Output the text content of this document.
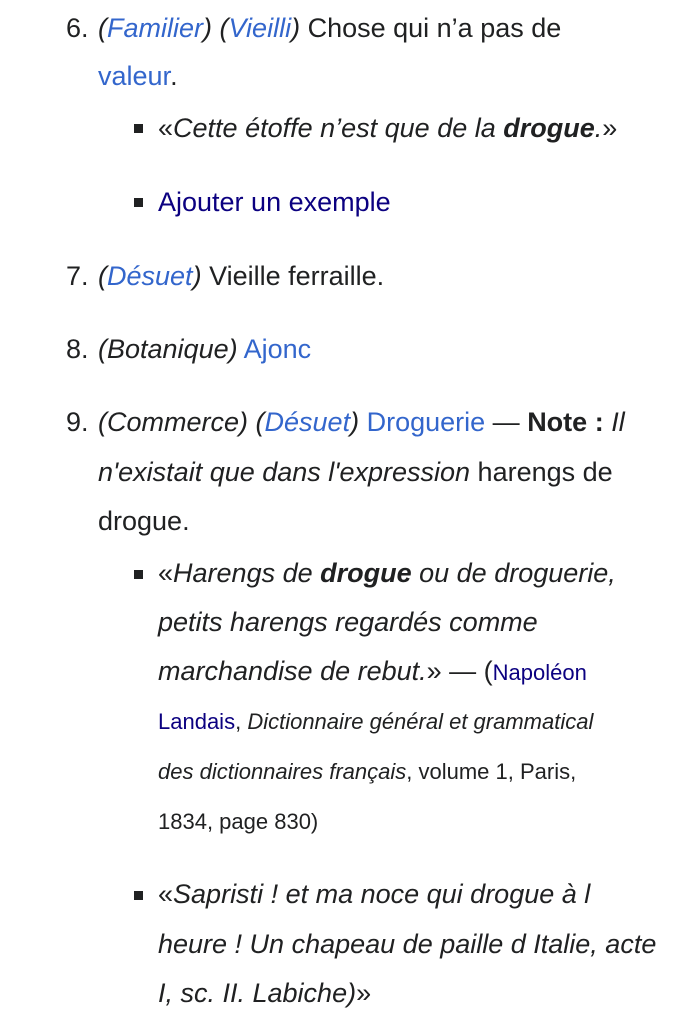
6. (Familier) (Vieilli) Chose qui n’a pas de
valeur.
«Cette étoffe n’est que de la drogue.»
Ajouter un exemple
7. (Désuet) Vieille ferraille.
8. (Botanique) Ajonc
9. (Commerce) (Désuet) Droguerie — Note : Il
n'existait que dans l'expression harengs de
drogue.
«Harengs de drogue ou de droguerie,
petits harengs regardés comme
marchandise de rebut.» — (Napoléon
Landais, Dictionnaire général et grammatical
des dictionnaires français, volume 1, Paris,
1834, page 830)
«Sapristi ! et ma noce qui drogue à l
heure ! Un chapeau de paille d Italie, acte
I, sc. II. Labiche)»
